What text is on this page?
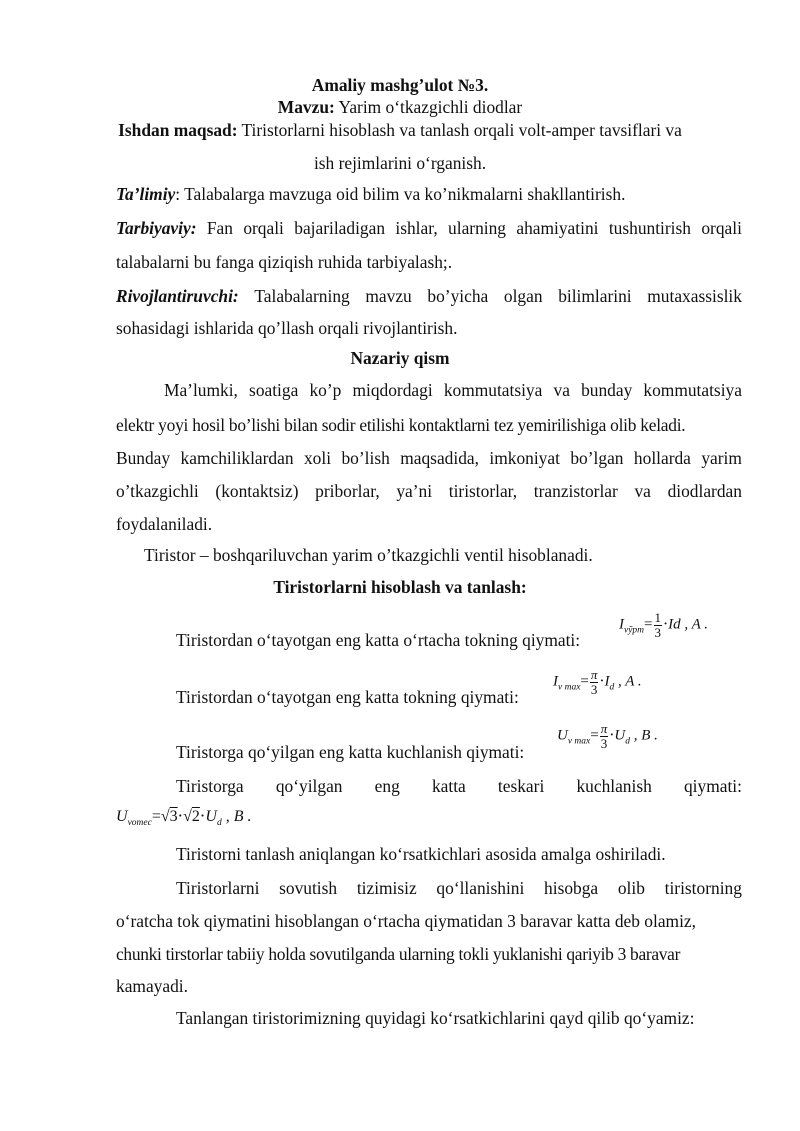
Amaliy mashg’ulot №3.
Mavzu: Yarim o‘tkazgichli diodlar
Ishdan maqsad: Tiristorlarni hisoblash va tanlash orqali volt-amper tavsiflari va
ish rejimlarini o‘rganish.
Ta’limiy: Talabalarga mavzuga oid bilim va ko’nikmalarni shakllantirish.
Tarbiyaviy: Fan orqali bajariladigan ishlar, ularning ahamiyatini tushuntirish orqali
talabalarni bu fanga qiziqish ruhida tarbiyalash;.
Rivojlantiruvchi: Talabalarning mavzu bo’yicha olgan bilimlarini mutaxassislik
sohasidagi ishlarida qo’llash orqali rivojlantirish.
Nazariy qism
Ma’lumki, soatiga ko’p miqdordagi kommutatsiya va bunday kommutatsiya
elektr yoyi hosil bo’lishi bilan sodir etilishi kontaktlarni tez yemirilishiga olib keladi.
Bunday kamchiliklardan xoli bo’lish maqsadida, imkoniyat bo’lgan hollarda yarim
o’tkazgichli (kontaktsiz) priborlar, ya’ni tiristorlar, tranzistorlar va diodlardan
foydalaniladi.
Tiristor – boshqariluvchan yarim o’tkazgichli ventil hisoblanadi.
Tiristorlarni hisoblash va tanlash:
Tiristordan o‘tayotgan eng katta o‘rtacha tokning qiymati:
$I_{vỹpm}= \frac{1}{3} \cdot Id$ , A .
Tiristordan o‘tayotgan eng katta tokning qiymati:
$I_{v max}= \frac{\pi}{3} \cdot I_d$ , A .
Tiristorga qo‘yilgan eng katta kuchlanish qiymati:
$U_{v max}= \frac{\pi}{3} \cdot U_d$ , B .
Tiristorga qo‘yilgan eng katta teskari kuchlanish qiymati:
$U_{vomec}=√3\cdot√2\cdot U_d$ , B .
Tiristorni tanlash aniqlangan ko‘rsatkichlari asosida amalga oshiriladi.
Tiristorlarni sovutish tizimisiz qo‘llanishini hisobga olib tiristorning
o‘ratcha tok qiymatini hisoblangan o‘rtacha qiymatidan 3 baravar katta deb olamiz,
chunki tirstorlar tabiiy holda sovutilganda ularning tokli yuklanishi qariyib 3 baravar
kamayadi.
Tanlangan tiristorimizning quyidagi ko‘rsatkichlarini qayd qilib qo‘yamiz:
